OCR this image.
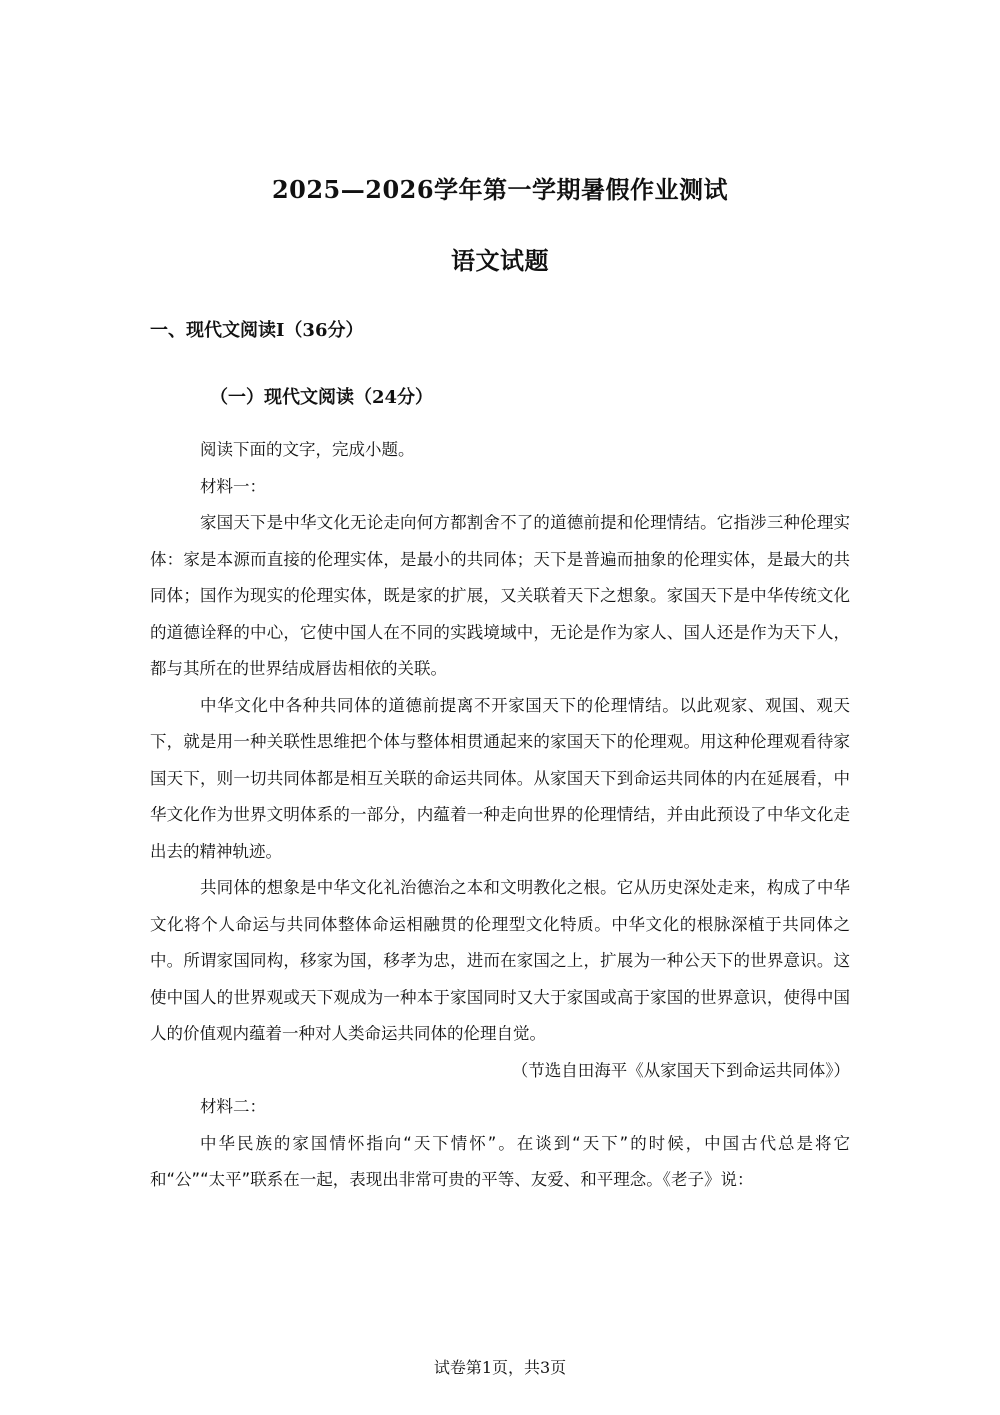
2025—2026学年第一学期暑假作业测试
语文试题
一、现代文阅读Ⅰ（36分）
（一）现代文阅读（24分）

阅读下面的文字，完成小题。

材料一：

家国天下是中华文化无论走向何方都割舍不了的道德前提和伦理情结。它指涉三种伦理实体：家是本源而直接的伦理实体，是最小的共同体；天下是普遍而抽象的伦理实体，是最大的共同体；国作为现实的伦理实体，既是家的扩展，又关联着天下之想象。家国天下是中华传统文化的道德诠释的中心，它使中国人在不同的实践境域中，无论是作为家人、国人还是作为天下人，都与其所在的世界结成唇齿相依的关联。

中华文化中各种共同体的道德前提离不开家国天下的伦理情结。以此观家、观国、观天下，就是用一种关联性思维把个体与整体相贯通起来的家国天下的伦理观。用这种伦理观看待家国天下，则一切共同体都是相互关联的命运共同体。从家国天下到命运共同体的内在延展看，中华文化作为世界文明体系的一部分，内蕴着一种走向世界的伦理情结，并由此预设了中华文化走出去的精神轨迹。

共同体的想象是中华文化礼治德治之本和文明教化之根。它从历史深处走来，构成了中华文化将个人命运与共同体整体命运相融贯的伦理型文化特质。中华文化的根脉深植于共同体之中。所谓家国同构，移家为国，移孝为忠，进而在家国之上，扩展为一种公天下的世界意识。这使中国人的世界观或天下观成为一种本于家国同时又大于家国或高于家国的世界意识，使得中国人的价值观内蕴着一种对人类命运共同体的伦理自觉。

（节选自田海平《从家国天下到命运共同体》）

材料二：

中华民族的家国情怀指向“天下情怀”。在谈到“天下”的时候，中国古代总是将它和“公”“太平”联系在一起，表现出非常可贵的平等、友爱、和平理念。《老子》说：

试卷第1页，共3页
